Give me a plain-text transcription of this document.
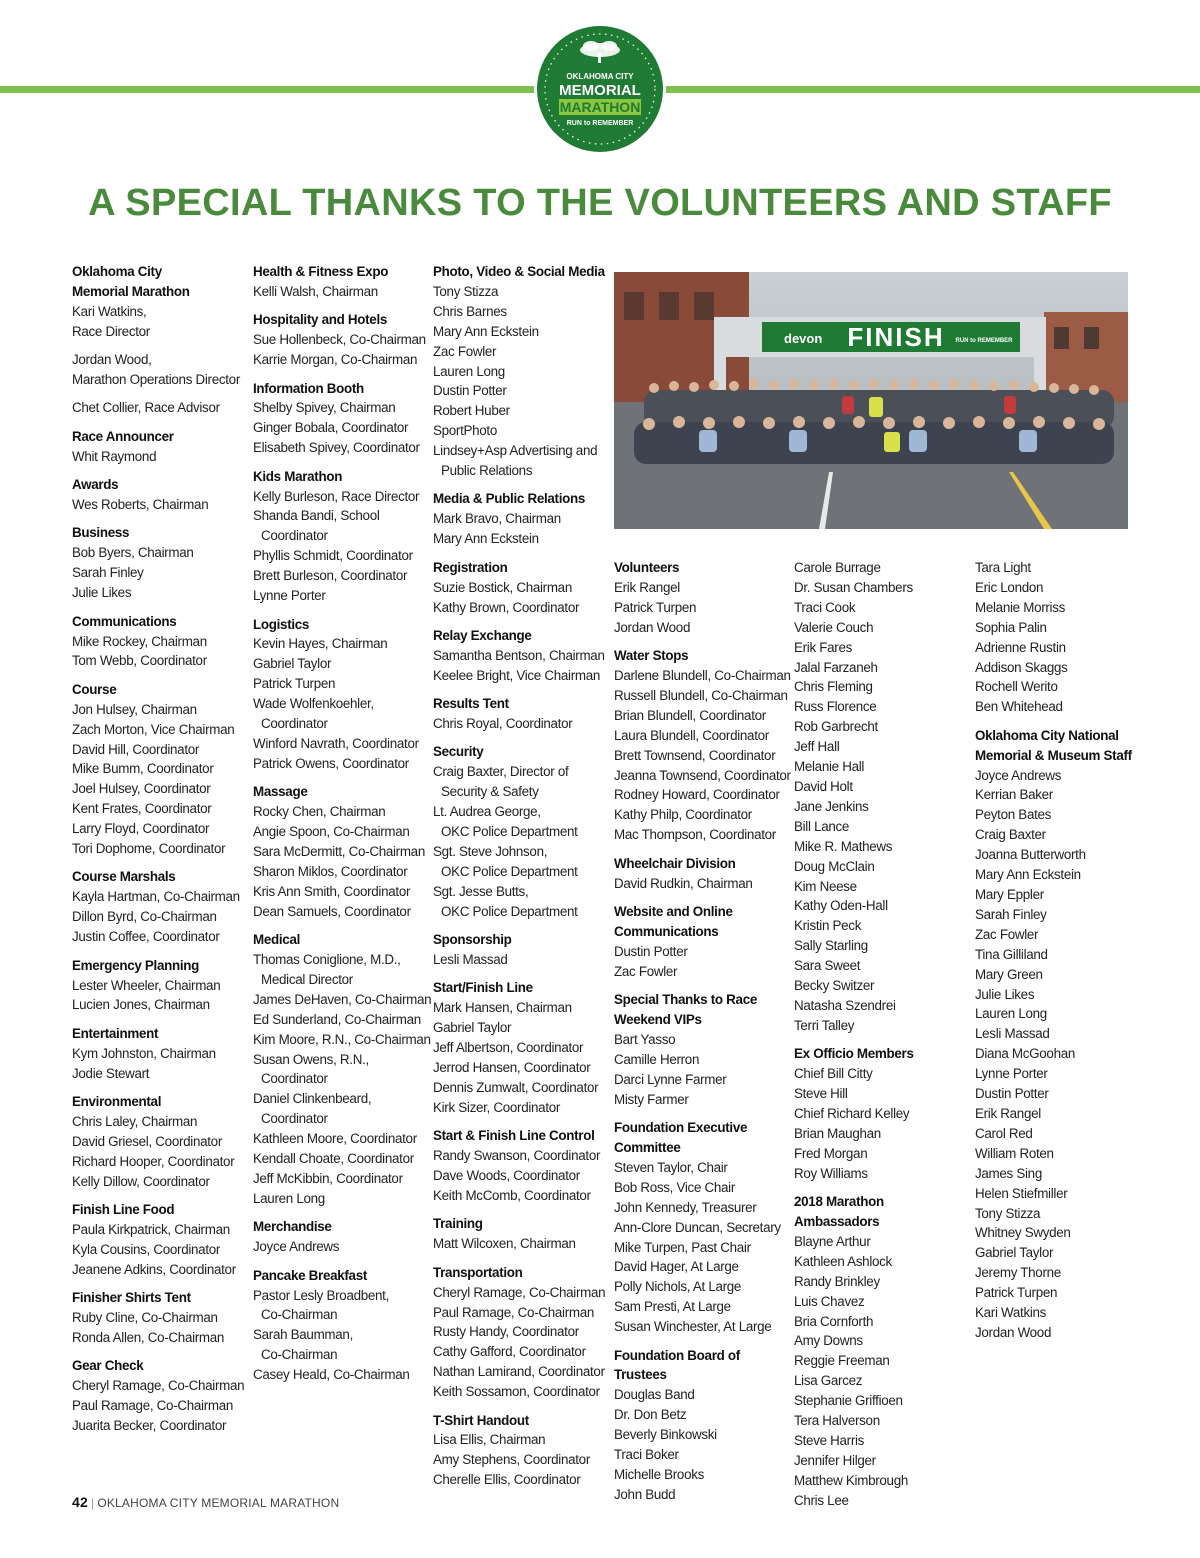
OKLAHOMA CITY
MEMORIAL
MARATHON
RUN to REMEMBER
A SPECIAL THANKS TO THE VOLUNTEERS AND STAFF
Oklahoma City
Memorial Marathon
Kari Watkins,
Race Director
Jordan Wood,
Marathon Operations Director
Chet Collier, Race Advisor
Race Announcer
Whit Raymond
Awards
Wes Roberts, Chairman
Business
Bob Byers, Chairman
Sarah Finley
Julie Likes
Communications
Mike Rockey, Chairman
Tom Webb, Coordinator
Course
Jon Hulsey, Chairman
Zach Morton, Vice Chairman
David Hill, Coordinator
Mike Bumm, Coordinator
Joel Hulsey, Coordinator
Kent Frates, Coordinator
Larry Floyd, Coordinator
Tori Dophome, Coordinator
Course Marshals
Kayla Hartman, Co-Chairman
Dillon Byrd, Co-Chairman
Justin Coffee, Coordinator
Emergency Planning
Lester Wheeler, Chairman
Lucien Jones, Chairman
Entertainment
Kym Johnston, Chairman
Jodie Stewart
Environmental
Chris Laley, Chairman
David Griesel, Coordinator
Richard Hooper, Coordinator
Kelly Dillow, Coordinator
Finish Line Food
Paula Kirkpatrick, Chairman
Kyla Cousins, Coordinator
Jeanene Adkins, Coordinator
Finisher Shirts Tent
Ruby Cline, Co-Chairman
Ronda Allen, Co-Chairman
Gear Check
Cheryl Ramage, Co-Chairman
Paul Ramage, Co-Chairman
Juarita Becker, Coordinator
Health & Fitness Expo
Kelli Walsh, Chairman
Hospitality and Hotels
Sue Hollenbeck, Co-Chairman
Karrie Morgan, Co-Chairman
Information Booth
Shelby Spivey, Chairman
Ginger Bobala, Coordinator
Elisabeth Spivey, Coordinator
Kids Marathon
Kelly Burleson, Race Director
Shanda Bandi, School
Coordinator
Phyllis Schmidt, Coordinator
Brett Burleson, Coordinator
Lynne Porter
Logistics
Kevin Hayes, Chairman
Gabriel Taylor
Patrick Turpen
Wade Wolfenkoehler,
Coordinator
Winford Navrath, Coordinator
Patrick Owens, Coordinator
Massage
Rocky Chen, Chairman
Angie Spoon, Co-Chairman
Sara McDermitt, Co-Chairman
Sharon Miklos, Coordinator
Kris Ann Smith, Coordinator
Dean Samuels, Coordinator
Medical
Thomas Coniglione, M.D.,
Medical Director
James DeHaven, Co-Chairman
Ed Sunderland, Co-Chairman
Kim Moore, R.N., Co-Chairman
Susan Owens, R.N.,
Coordinator
Daniel Clinkenbeard,
Coordinator
Kathleen Moore, Coordinator
Kendall Choate, Coordinator
Jeff McKibbin, Coordinator
Lauren Long
Merchandise
Joyce Andrews
Pancake Breakfast
Pastor Lesly Broadbent,
Co-Chairman
Sarah Baumman,
Co-Chairman
Casey Heald, Co-Chairman
Photo, Video & Social Media
Tony Stizza
Chris Barnes
Mary Ann Eckstein
Zac Fowler
Lauren Long
Dustin Potter
Robert Huber
SportPhoto
Lindsey+Asp Advertising and
Public Relations
Media & Public Relations
Mark Bravo, Chairman
Mary Ann Eckstein
Registration
Suzie Bostick, Chairman
Kathy Brown, Coordinator
Relay Exchange
Samantha Bentson, Chairman
Keelee Bright, Vice Chairman
Results Tent
Chris Royal, Coordinator
Security
Craig Baxter, Director of
Security & Safety
Lt. Audrea George,
OKC Police Department
Sgt. Steve Johnson,
OKC Police Department
Sgt. Jesse Butts,
OKC Police Department
Sponsorship
Lesli Massad
Start/Finish Line
Mark Hansen, Chairman
Gabriel Taylor
Jeff Albertson, Coordinator
Jerrod Hansen, Coordinator
Dennis Zumwalt, Coordinator
Kirk Sizer, Coordinator
Start & Finish Line Control
Randy Swanson, Coordinator
Dave Woods, Coordinator
Keith McComb, Coordinator
Training
Matt Wilcoxen, Chairman
Transportation
Cheryl Ramage, Co-Chairman
Paul Ramage, Co-Chairman
Rusty Handy, Coordinator
Cathy Gafford, Coordinator
Nathan Lamirand, Coordinator
Keith Sossamon, Coordinator
T-Shirt Handout
Lisa Ellis, Chairman
Amy Stephens, Coordinator
Cherelle Ellis, Coordinator
devon FINISH RUN to REMEMBER
Volunteers
Erik Rangel
Patrick Turpen
Jordan Wood
Water Stops
Darlene Blundell, Co-Chairman
Russell Blundell, Co-Chairman
Brian Blundell, Coordinator
Laura Blundell, Coordinator
Brett Townsend, Coordinator
Jeanna Townsend, Coordinator
Rodney Howard, Coordinator
Kathy Philp, Coordinator
Mac Thompson, Coordinator
Wheelchair Division
David Rudkin, Chairman
Website and Online
Communications
Dustin Potter
Zac Fowler
Special Thanks to Race
Weekend VIPs
Bart Yasso
Camille Herron
Darci Lynne Farmer
Misty Farmer
Foundation Executive
Committee
Steven Taylor, Chair
Bob Ross, Vice Chair
John Kennedy, Treasurer
Ann-Clore Duncan, Secretary
Mike Turpen, Past Chair
David Hager, At Large
Polly Nichols, At Large
Sam Presti, At Large
Susan Winchester, At Large
Foundation Board of Trustees
Douglas Band
Dr. Don Betz
Beverly Binkowski
Traci Boker
Michelle Brooks
John Budd
Carole Burrage
Dr. Susan Chambers
Traci Cook
Valerie Couch
Erik Fares
Jalal Farzaneh
Chris Fleming
Russ Florence
Rob Garbrecht
Jeff Hall
Melanie Hall
David Holt
Jane Jenkins
Bill Lance
Mike R. Mathews
Doug McClain
Kim Neese
Kathy Oden-Hall
Kristin Peck
Sally Starling
Sara Sweet
Becky Switzer
Natasha Szendrei
Terri Talley
Ex Officio Members
Chief Bill Citty
Steve Hill
Chief Richard Kelley
Brian Maughan
Fred Morgan
Roy Williams
2018 Marathon Ambassadors
Blayne Arthur
Kathleen Ashlock
Randy Brinkley
Luis Chavez
Bria Cornforth
Amy Downs
Reggie Freeman
Lisa Garcez
Stephanie Griffioen
Tera Halverson
Steve Harris
Jennifer Hilger
Matthew Kimbrough
Chris Lee
Tara Light
Eric London
Melanie Morriss
Sophia Palin
Adrienne Rustin
Addison Skaggs
Rochell Werito
Ben Whitehead
Oklahoma City National
Memorial & Museum Staff
Joyce Andrews
Kerrian Baker
Peyton Bates
Craig Baxter
Joanna Butterworth
Mary Ann Eckstein
Mary Eppler
Sarah Finley
Zac Fowler
Tina Gilliland
Mary Green
Julie Likes
Lauren Long
Lesli Massad
Diana McGoohan
Lynne Porter
Dustin Potter
Erik Rangel
Carol Red
William Roten
James Sing
Helen Stiefmiller
Tony Stizza
Whitney Swyden
Gabriel Taylor
Jeremy Thorne
Patrick Turpen
Kari Watkins
Jordan Wood
42 | OKLAHOMA CITY MEMORIAL MARATHON
